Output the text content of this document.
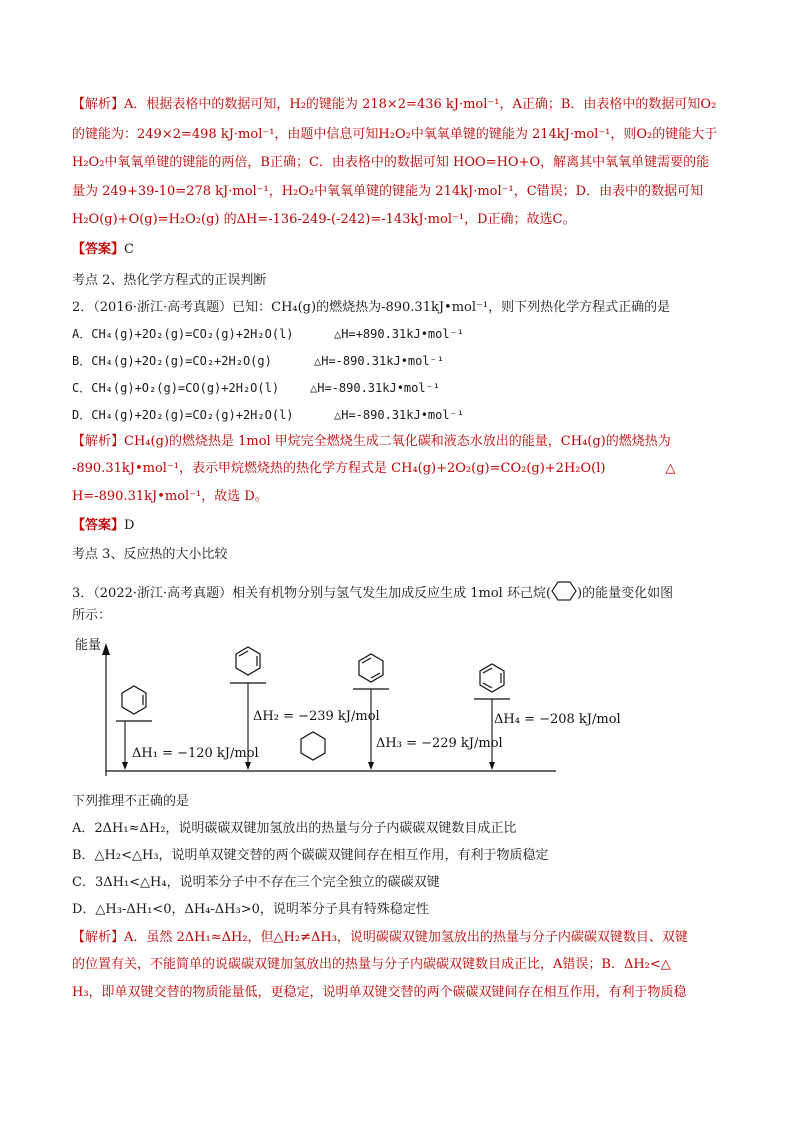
【解析】A．根据表格中的数据可知，H₂的键能为 218×2=436 kJ·mol⁻¹，A正确；B．由表格中的数据可知O₂
的键能为：249×2=498 kJ·mol⁻¹，由题中信息可知H₂O₂中氧氧单键的键能为 214kJ·mol⁻¹，则O₂的键能大于
H₂O₂中氧氧单键的键能的两倍，B正确；C．由表格中的数据可知 HOO=HO+O，解离其中氧氧单键需要的能
量为 249+39-10=278 kJ·mol⁻¹，H₂O₂中氧氧单键的键能为 214kJ·mol⁻¹，C错误；D．由表中的数据可知
H₂O(g)+O(g)=H₂O₂(g) 的ΔH=-136-249-(-242)=-143kJ·mol⁻¹，D正确；故选C。
【答案】C
考点 2、热化学方程式的正误判断
2．（2016·浙江·高考真题）已知：CH₄(g)的燃烧热为-890.31kJ•mol⁻¹，则下列热化学方程式正确的是
A．CH₄(g)+2O₂(g)=CO₂(g)+2H₂O(l)	△H=+890.31kJ•mol⁻¹
B．CH₄(g)+2O₂(g)=CO₂+2H₂O(g)	△H=-890.31kJ•mol⁻¹
C．CH₄(g)+O₂(g)=CO(g)+2H₂O(l)	△H=-890.31kJ•mol⁻¹
D．CH₄(g)+2O₂(g)=CO₂(g)+2H₂O(l)	△H=-890.31kJ•mol⁻¹
【解析】CH₄(g)的燃烧热是 1mol 甲烷完全燃烧生成二氧化碳和液态水放出的能量，CH₄(g)的燃烧热为
-890.31kJ•mol⁻¹，表示甲烷燃烧热的热化学方程式是 CH₄(g)+2O₂(g)=CO₂(g)+2H₂O(l)	△
H=-890.31kJ•mol⁻¹，故选 D。
【答案】D
考点 3、反应热的大小比较
3．（2022·浙江·高考真题）相关有机物分别与氢气发生加成反应生成 1mol 环己烷( )的能量变化如图
所示：
能量
ΔH₁ = −120 kJ/mol
ΔH₂ = −239 kJ/mol
ΔH₃ = −229 kJ/mol
ΔH₄ = −208 kJ/mol
下列推理不正确的是
A．2ΔH₁≈ΔH₂，说明碳碳双键加氢放出的热量与分子内碳碳双键数目成正比
B．△H₂<△H₃，说明单双键交替的两个碳碳双键间存在相互作用，有利于物质稳定
C．3ΔH₁<△H₄，说明苯分子中不存在三个完全独立的碳碳双键
D．△H₃-ΔH₁<0，ΔH₄-ΔH₃>0，说明苯分子具有特殊稳定性
【解析】A．虽然 2ΔH₁≈ΔH₂，但△H₂≠ΔH₃，说明碳碳双键加氢放出的热量与分子内碳碳双键数目、双键
的位置有关，不能简单的说碳碳双键加氢放出的热量与分子内碳碳双键数目成正比，A错误；B．ΔH₂<△
H₃，即单双键交替的物质能量低，更稳定，说明单双键交替的两个碳碳双键间存在相互作用，有利于物质稳
